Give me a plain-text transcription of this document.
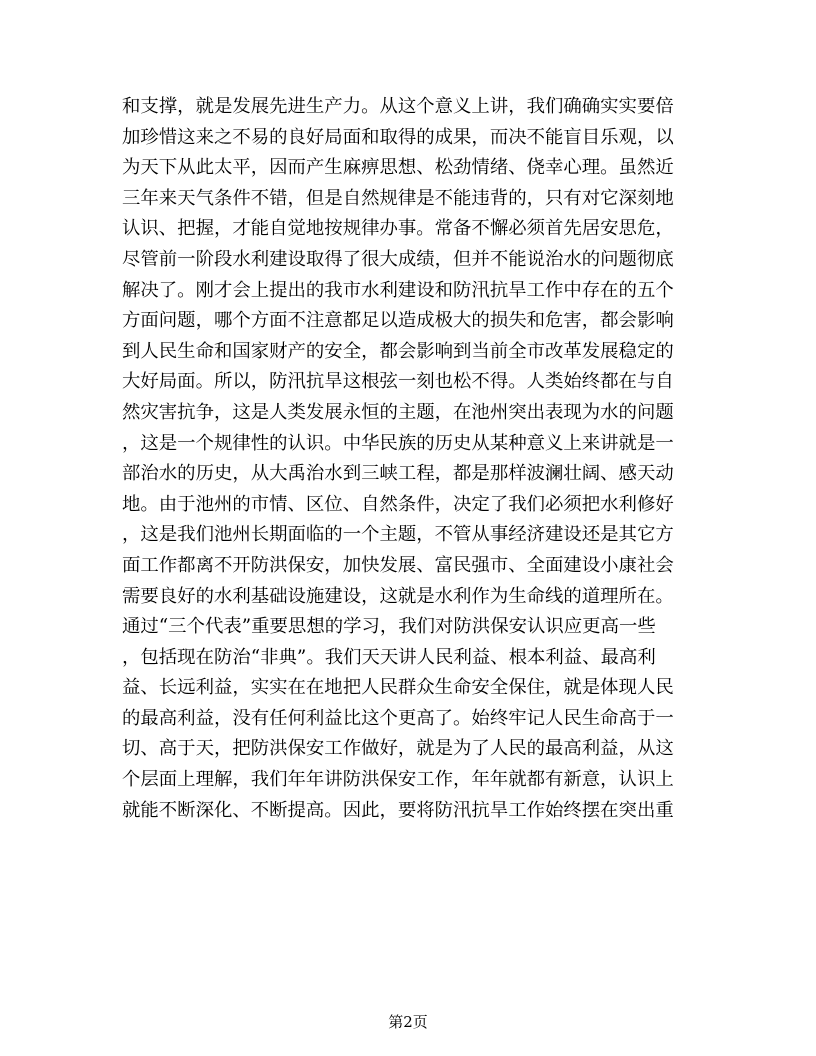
和支撑，就是发展先进生产力。从这个意义上讲，我们确确实实要倍
加珍惜这来之不易的良好局面和取得的成果，而决不能盲目乐观，以
为天下从此太平，因而产生麻痹思想、松劲情绪、侥幸心理。虽然近
三年来天气条件不错，但是自然规律是不能违背的，只有对它深刻地
认识、把握，才能自觉地按规律办事。常备不懈必须首先居安思危，
尽管前一阶段水利建设取得了很大成绩，但并不能说治水的问题彻底
解决了。刚才会上提出的我市水利建设和防汛抗旱工作中存在的五个
方面问题，哪个方面不注意都足以造成极大的损失和危害，都会影响
到人民生命和国家财产的安全，都会影响到当前全市改革发展稳定的
大好局面。所以，防汛抗旱这根弦一刻也松不得。人类始终都在与自
然灾害抗争，这是人类发展永恒的主题，在池州突出表现为水的问题
，这是一个规律性的认识。中华民族的历史从某种意义上来讲就是一
部治水的历史，从大禹治水到三峡工程，都是那样波澜壮阔、感天动
地。由于池州的市情、区位、自然条件，决定了我们必须把水利修好
，这是我们池州长期面临的一个主题，不管从事经济建设还是其它方
面工作都离不开防洪保安，加快发展、富民强市、全面建设小康社会
需要良好的水利基础设施建设，这就是水利作为生命线的道理所在。
通过“三个代表”重要思想的学习，我们对防洪保安认识应更高一些
，包括现在防治“非典”。我们天天讲人民利益、根本利益、最高利
益、长远利益，实实在在地把人民群众生命安全保住，就是体现人民
的最高利益，没有任何利益比这个更高了。始终牢记人民生命高于一
切、高于天，把防洪保安工作做好，就是为了人民的最高利益，从这
个层面上理解，我们年年讲防洪保安工作，年年就都有新意，认识上
就能不断深化、不断提高。因此，要将防汛抗旱工作始终摆在突出重
第2页
